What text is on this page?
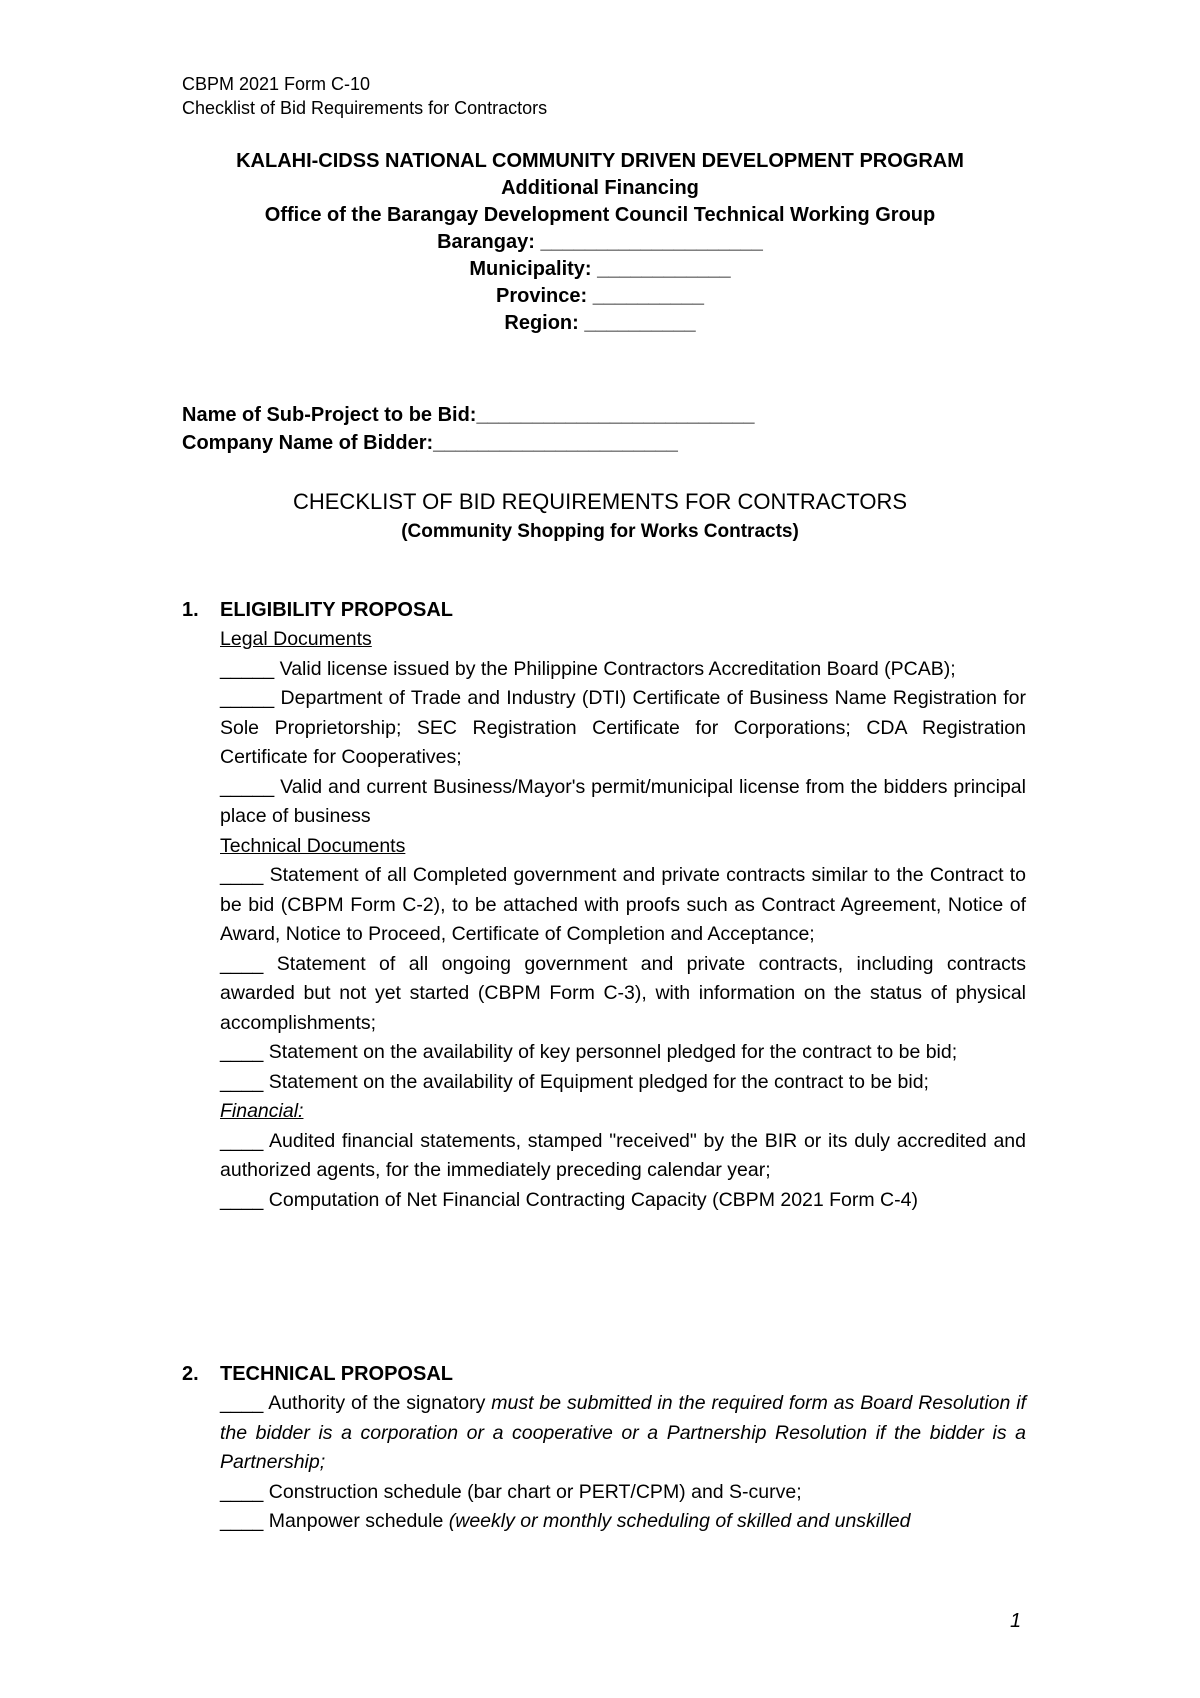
CBPM 2021 Form C-10
Checklist of Bid Requirements for Contractors
KALAHI-CIDSS NATIONAL COMMUNITY DRIVEN DEVELOPMENT PROGRAM
Additional Financing
Office of the Barangay Development Council Technical Working Group
Barangay: ____________________
Municipality: ____________
Province: __________
Region: __________
Name of Sub-Project to be Bid:_________________________
Company Name of Bidder:______________________
CHECKLIST OF BID REQUIREMENTS FOR CONTRACTORS
(Community Shopping for Works Contracts)
1. ELIGIBILITY PROPOSAL

Legal Documents

_____ Valid license issued by the Philippine Contractors Accreditation Board (PCAB);

_____ Department of Trade and Industry (DTI) Certificate of Business Name Registration for Sole Proprietorship; SEC Registration Certificate for Corporations; CDA Registration Certificate for Cooperatives;

_____ Valid and current Business/Mayor's permit/municipal license from the bidders principal place of business

Technical Documents

____ Statement of all Completed government and private contracts similar to the Contract to be bid (CBPM Form C-2), to be attached with proofs such as Contract Agreement, Notice of Award, Notice to Proceed, Certificate of Completion and Acceptance;

____ Statement of all ongoing government and private contracts, including contracts awarded but not yet started (CBPM Form C-3), with information on the status of physical accomplishments;

____ Statement on the availability of key personnel pledged for the contract to be bid;

____ Statement on the availability of Equipment pledged for the contract to be bid;

Financial:

____ Audited financial statements, stamped "received" by the BIR or its duly accredited and authorized agents, for the immediately preceding calendar year;

____ Computation of Net Financial Contracting Capacity (CBPM 2021 Form C-4)

2. TECHNICAL PROPOSAL

____ Authority of the signatory must be submitted in the required form as Board Resolution if the bidder is a corporation or a cooperative or a Partnership Resolution if the bidder is a Partnership;

____ Construction schedule (bar chart or PERT/CPM) and S-curve;

____ Manpower schedule (weekly or monthly scheduling of skilled and unskilled

1
